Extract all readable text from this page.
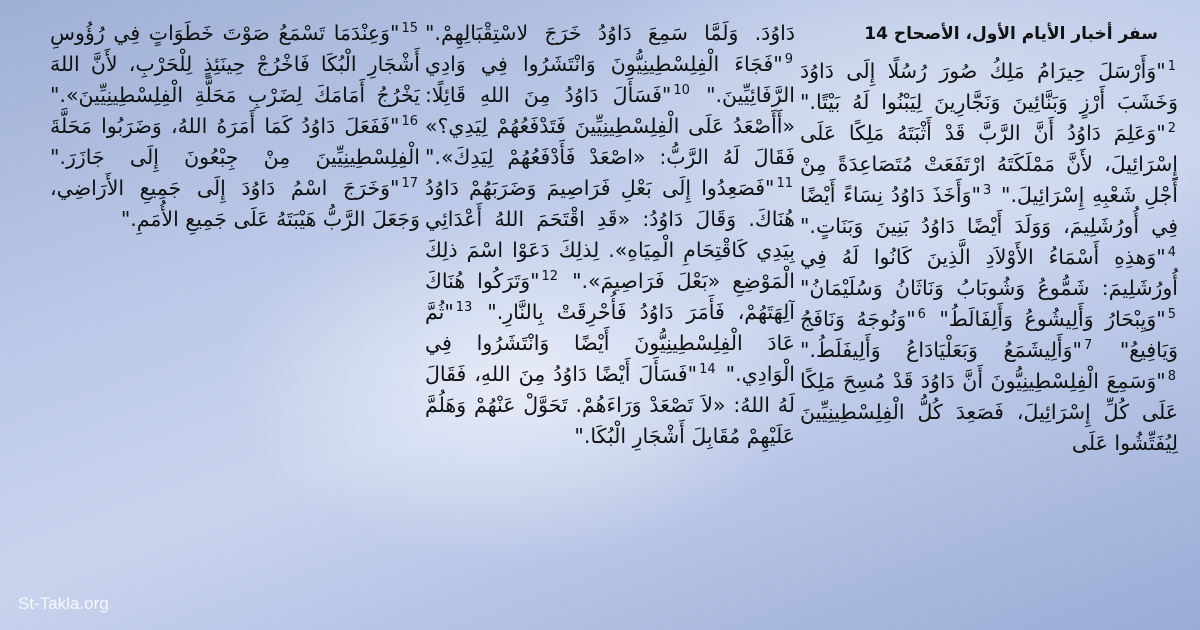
سفر أخبار الأيام الأول، الأصحاح 14
$^1$"وَأَرْسَلَ حِيرَامُ مَلِكُ صُورَ رُسُلًا إِلَى دَاوُدَ وَخَشَبَ أَرْزٍ وَبَنَّائِينَ وَنَجَّارِينَ لِيَبْنُوا لَهُ بَيْتًا." $^2$"وَعَلِمَ دَاوُدُ أَنَّ الرَّبَّ قَدْ أَثْبَتَهُ مَلِكًا عَلَى إِسْرَائِيلَ، لأَنَّ مَمْلَكَتَهُ ارْتَفَعَتْ مُتَصَاعِدَةً مِنْ أَجْلِ شَعْبِهِ إِسْرَائِيلَ." $^3$"وَأَخَذَ دَاوُدُ نِسَاءً أَيْضًا فِي أُورُشَلِيمَ، وَوَلَدَ أَيْضًا دَاوُدُ بَنِينَ وَبَنَاتٍ." $^4$"وَهذِهِ أَسْمَاءُ الأَوْلاَدِ الَّذِينَ كَانُوا لَهُ فِي أُورُشَلِيمَ: شَمُّوعُ وَشُوبَابُ وَنَاثَانُ وَسُلَيْمَانُ" $^5$"وَيِبْحَارُ وَأَلِيشُوعُ وَأَلِفَالَطُ" $^6$"وَنُوجَهُ وَنَافَجُ وَيَافِيعُ" $^7$"وَأَلِيشَمَعُ وَبَعَلْيَادَاعُ وَأَلِيفَلَطُ." $^8$"وَسَمِعَ الْفِلِسْطِينِيُّونَ أَنَّ دَاوُدَ قَدْ مُسِحَ مَلِكًا عَلَى كُلِّ إِسْرَائِيلَ، فَصَعِدَ كُلُّ الْفِلِسْطِينِيِّينَ لِيُفَتِّشُوا عَلَى
دَاوُدَ. وَلَمَّا سَمِعَ دَاوُدُ خَرَجَ لاسْتِقْبَالِهِمْ." $^9$"فَجَاءَ الْفِلِسْطِينِيُّونَ وَانْتَشَرُوا فِي وَادِي الرَّفَائِيِّينَ." $^{10}$"فَسَأَلَ دَاوُدُ مِنَ اللهِ قَائِلًا: «أَأَصْعَدُ عَلَى الْفِلِسْطِينِيِّينَ فَتَدْفَعُهُمْ لِيَدِي؟» فَقَالَ لَهُ الرَّبُّ: «اصْعَدْ فَأَدْفَعُهُمْ لِيَدِكَ»." $^{11}$"فَصَعِدُوا إِلَى بَعْلِ فَرَاصِيمَ وَضَرَبَهُمْ دَاوُدُ هُنَاكَ. وَقَالَ دَاوُدُ: «قَدِ اقْتَحَمَ اللهُ أَعْدَائِي بِيَدِي كَاقْتِحَامِ الْمِيَاهِ». لِذلِكَ دَعَوْا اسْمَ ذلِكَ الْمَوْضِعِ «بَعْلَ فَرَاصِيمَ»." $^{12}$"وَتَرَكُوا هُنَاكَ آلِهَتَهُمْ، فَأَمَرَ دَاوُدُ فَأُحْرِقَتْ بِالنَّارِ." $^{13}$"ثُمَّ عَادَ الْفِلِسْطِينِيُّونَ أَيْضًا وَانْتَشَرُوا فِي الْوَادِي." $^{14}$"فَسَأَلَ أَيْضًا دَاوُدُ مِنَ اللهِ، فَقَالَ لَهُ اللهُ: «لاَ تَصْعَدْ وَرَاءَهُمْ. تَحَوَّلْ عَنْهُمْ وَهَلُمَّ عَلَيْهِمْ مُقَابِلَ أَشْجَارِ الْبُكَا."
$^{15}$"وَعِنْدَمَا تَسْمَعُ صَوْتَ خَطَوَاتٍ فِي رُؤُوسِ أَشْجَارِ الْبُكَا فَاخْرُجْ حِينَئِذٍ لِلْحَرْبِ، لأَنَّ اللهَ يَخْرُجُ أَمَامَكَ لِضَرْبِ مَحَلَّةِ الْفِلِسْطِينِيِّينَ»." $^{16}$"فَفَعَلَ دَاوُدُ كَمَا أَمَرَهُ اللهُ، وَضَرَبُوا مَحَلَّةَ الْفِلِسْطِينِيِّينَ مِنْ جِبْعُونَ إِلَى جَازَرَ." $^{17}$"وَخَرَجَ اسْمُ دَاوُدَ إِلَى جَمِيعِ الأَرَاضِي، وَجَعَلَ الرَّبُّ هَيْبَتَهُ عَلَى جَمِيعِ الأُمَمِ."
St-Takla.org
